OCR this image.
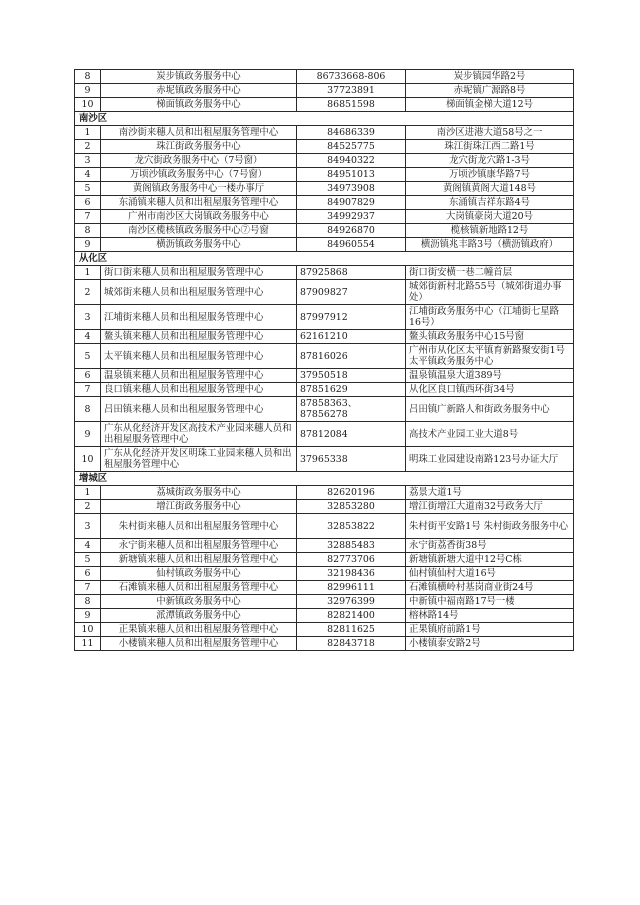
8	炭步镇政务服务中心	86733668-806	炭步镇园华路2号
9	赤坭镇政务服务中心	37723891	赤坭镇广源路8号
10	梯面镇政务服务中心	86851598	梯面镇金梯大道12号
南沙区			
1	南沙街来穗人员和出租屋服务管理中心	84686339	南沙区进港大道58号之一
2	珠江街政务服务中心	84525775	珠江街珠江西二路1号
3	龙穴街政务服务中心（7号窗）	84940322	龙穴街龙穴路1-3号
4	万顷沙镇政务服务中心（7号窗）	84951013	万顷沙镇康华路7号
5	黄阁镇政务服务中心一楼办事厅	34973908	黄阁镇黄阁大道148号
6	东涌镇来穗人员和出租屋服务管理中心	84907829	东涌镇吉祥东路4号
7	广州市南沙区大岗镇政务服务中心	34992937	大岗镇豪岗大道20号
8	南沙区榄核镇政务服务中心⑦号窗	84926870	榄核镇新地路12号
9	横沥镇政务服务中心	84960554	横沥镇兆丰路3号（横沥镇政府）
从化区			
1	街口街来穗人员和出租屋服务管理中心	87925868	街口街安横一巷二幢首层
2	城郊街来穗人员和出租屋服务管理中心	87909827	城郊街新村北路55号（城郊街道办事处）
3	江埔街来穗人员和出租屋服务管理中心	87997912	江埔街政务服务中心（江埔街七星路16号）
4	鳌头镇来穗人员和出租屋服务管理中心	62161210	鳌头镇政务服务中心15号窗
5	太平镇来穗人员和出租屋服务管理中心	87816026	广州市从化区太平镇育新路聚安街1号太平镇政务服务中心
6	温泉镇来穗人员和出租屋服务管理中心	37950518	温泉镇温泉大道389号
7	良口镇来穗人员和出租屋服务管理中心	87851629	从化区良口镇西环街34号
8	吕田镇来穗人员和出租屋服务管理中心	87858363、87856278	吕田镇广新路人和街政务服务中心
9	广东从化经济开发区高技术产业园来穗人员和出租屋服务管理中心	87812084	高技术产业园工业大道8号
10	广东从化经济开发区明珠工业园来穗人员和出租屋服务管理中心	37965338	明珠工业园建设南路123号办证大厅
增城区			
1	荔城街政务服务中心	82620196	荔景大道1号
2	增江街政务服务中心	32853280	增江街增江大道南32号政务大厅
3	朱村街来穗人员和出租屋服务管理中心	32853822	朱村街平安路1号 朱村街政务服务中心
4	永宁街来穗人员和出租屋服务管理中心	32885483	永宁街荔香街38号
5	新塘镇来穗人员和出租屋服务管理中心	82773706	新塘镇新塘大道中12号C栋
6	仙村镇政务服务中心	32198436	仙村镇仙村大道16号
7	石滩镇来穗人员和出租屋服务管理中心	82996111	石滩镇横岭村基岗商业街24号
8	中新镇政务服务中心	32976399	中新镇中福南路17号一楼
9	派潭镇政务服务中心	82821400	榕林路14号
10	正果镇来穗人员和出租屋服务管理中心	82811625	正果镇府前路1号
11	小楼镇来穗人员和出租屋服务管理中心	82843718	小楼镇泰安路2号
